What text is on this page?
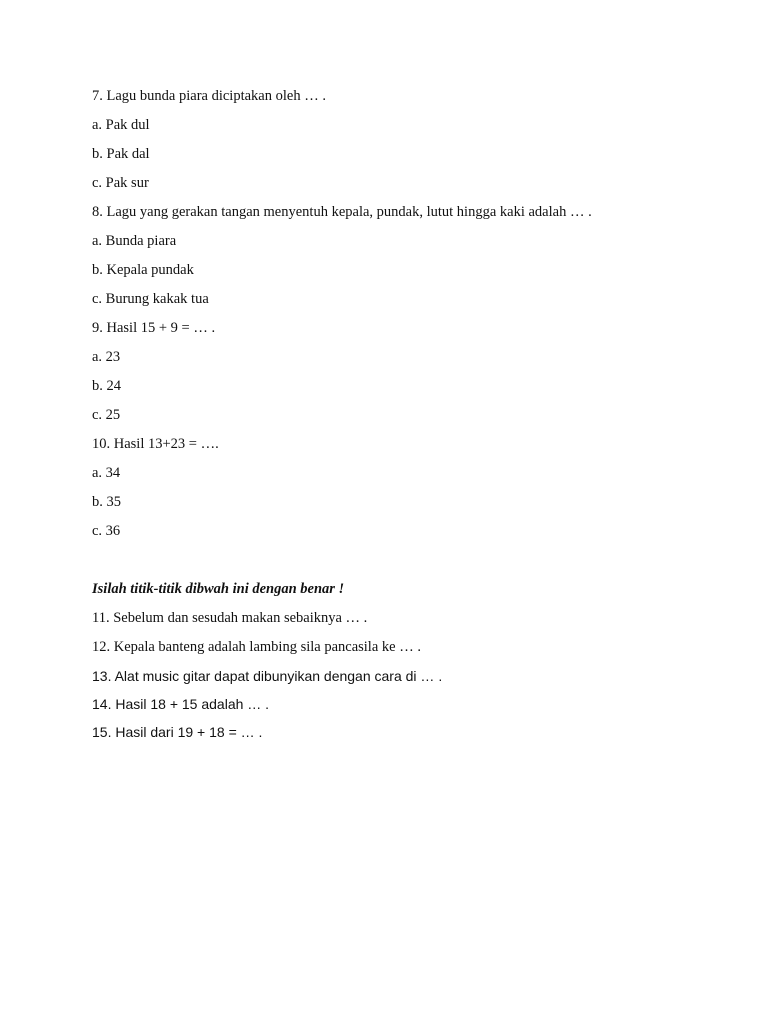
7. Lagu bunda piara diciptakan oleh … .
a. Pak dul
b. Pak dal
c. Pak sur
8. Lagu yang gerakan tangan menyentuh kepala, pundak, lutut hingga kaki adalah … .
a. Bunda piara
b. Kepala pundak
c. Burung kakak tua
9. Hasil 15 + 9 = … .
a. 23
b. 24
c. 25
10. Hasil 13+23 = ….
a. 34
b. 35
c. 36
Isilah titik-titik dibwah ini dengan benar !
11. Sebelum dan sesudah makan sebaiknya … .
12. Kepala banteng adalah lambing sila pancasila ke … .
13. Alat music gitar dapat dibunyikan dengan cara di … .
14. Hasil 18 + 15 adalah … .
15. Hasil dari 19 + 18 = … .
